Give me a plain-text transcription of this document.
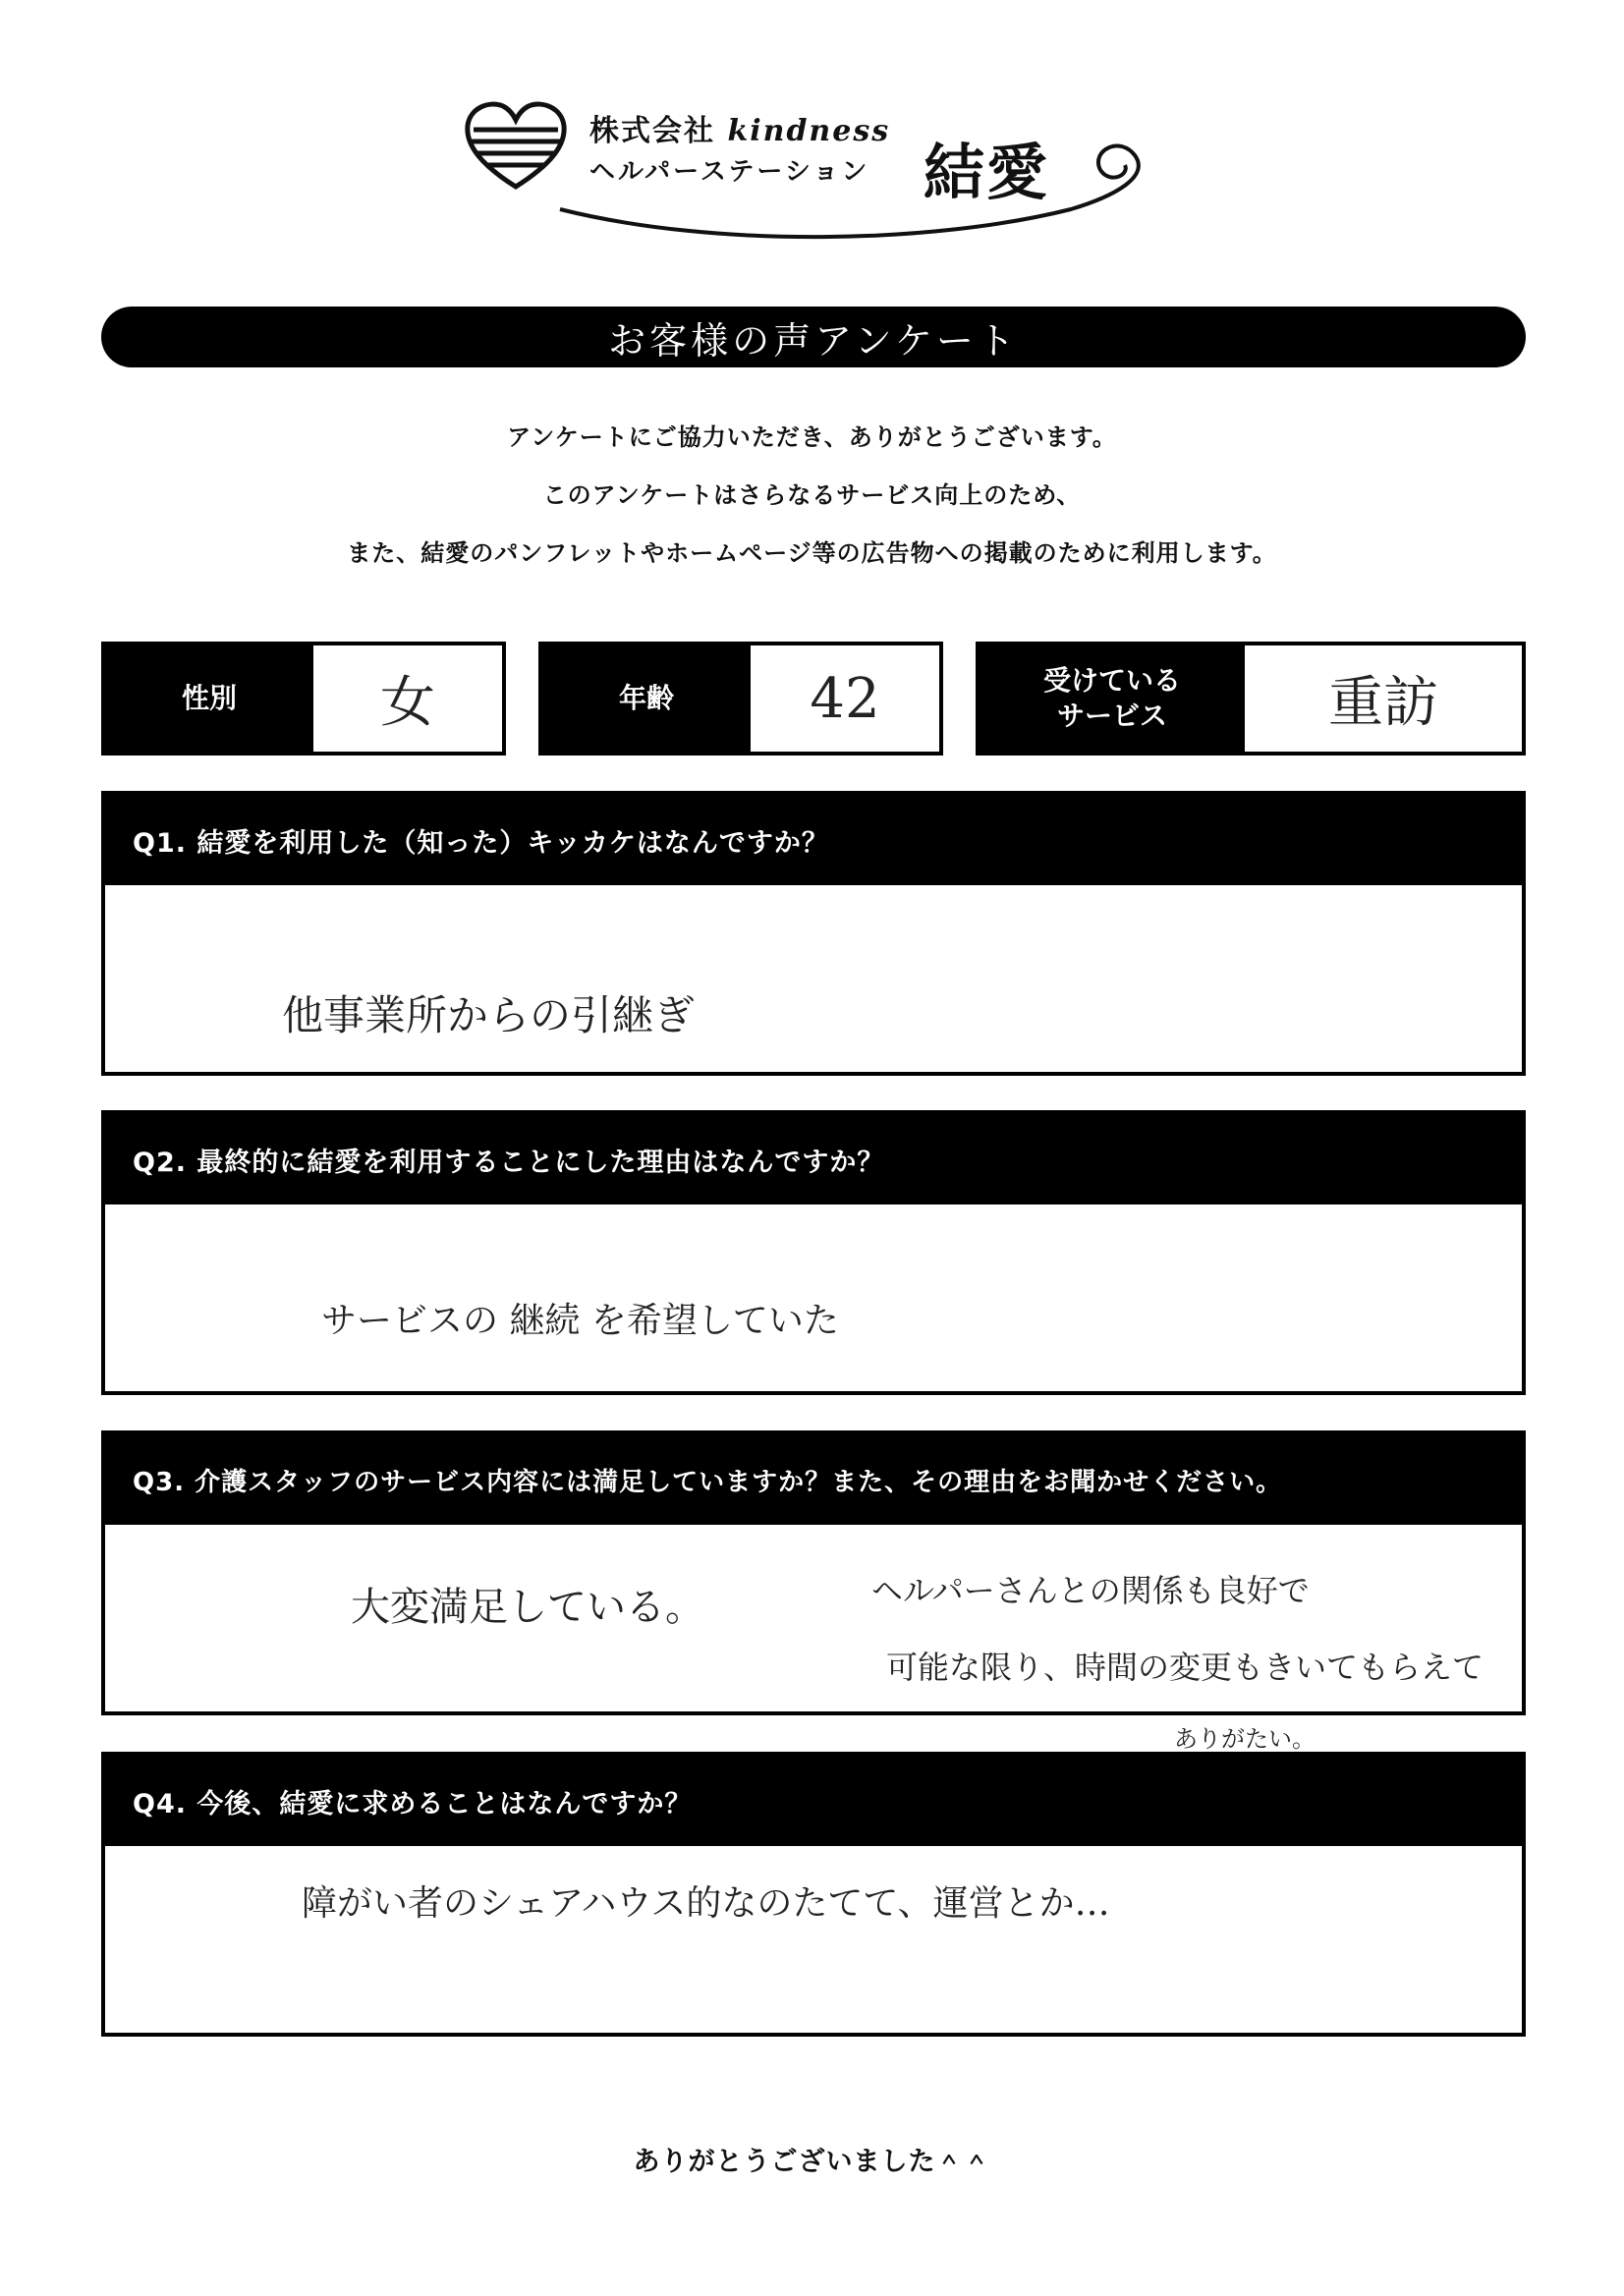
株式会社 kindness
ヘルパーステーション 結愛
お客様の声アンケート
アンケートにご協力いただき、ありがとうございます。
このアンケートはさらなるサービス向上のため、
また、結愛のパンフレットやホームページ等の広告物への掲載のために利用します。
性別	女	年齢	42	受けている
サービス	重訪
Q1. 結愛を利用した（知った）キッカケはなんですか？
他事業所からの引継ぎ
Q2. 最終的に結愛を利用することにした理由はなんですか？
サービスの 継続 を希望していた
Q3. 介護スタッフのサービス内容には満足していますか？また、その理由をお聞かせください。
大変満足している。	ヘルパーさんとの関係も良好で
可能な限り、時間の変更もきいてもらえて
ありがたい。
Q4. 今後、結愛に求めることはなんですか？
障がい者のシェアハウス的なのたてて、運営とか…
ありがとうございました＾＾
